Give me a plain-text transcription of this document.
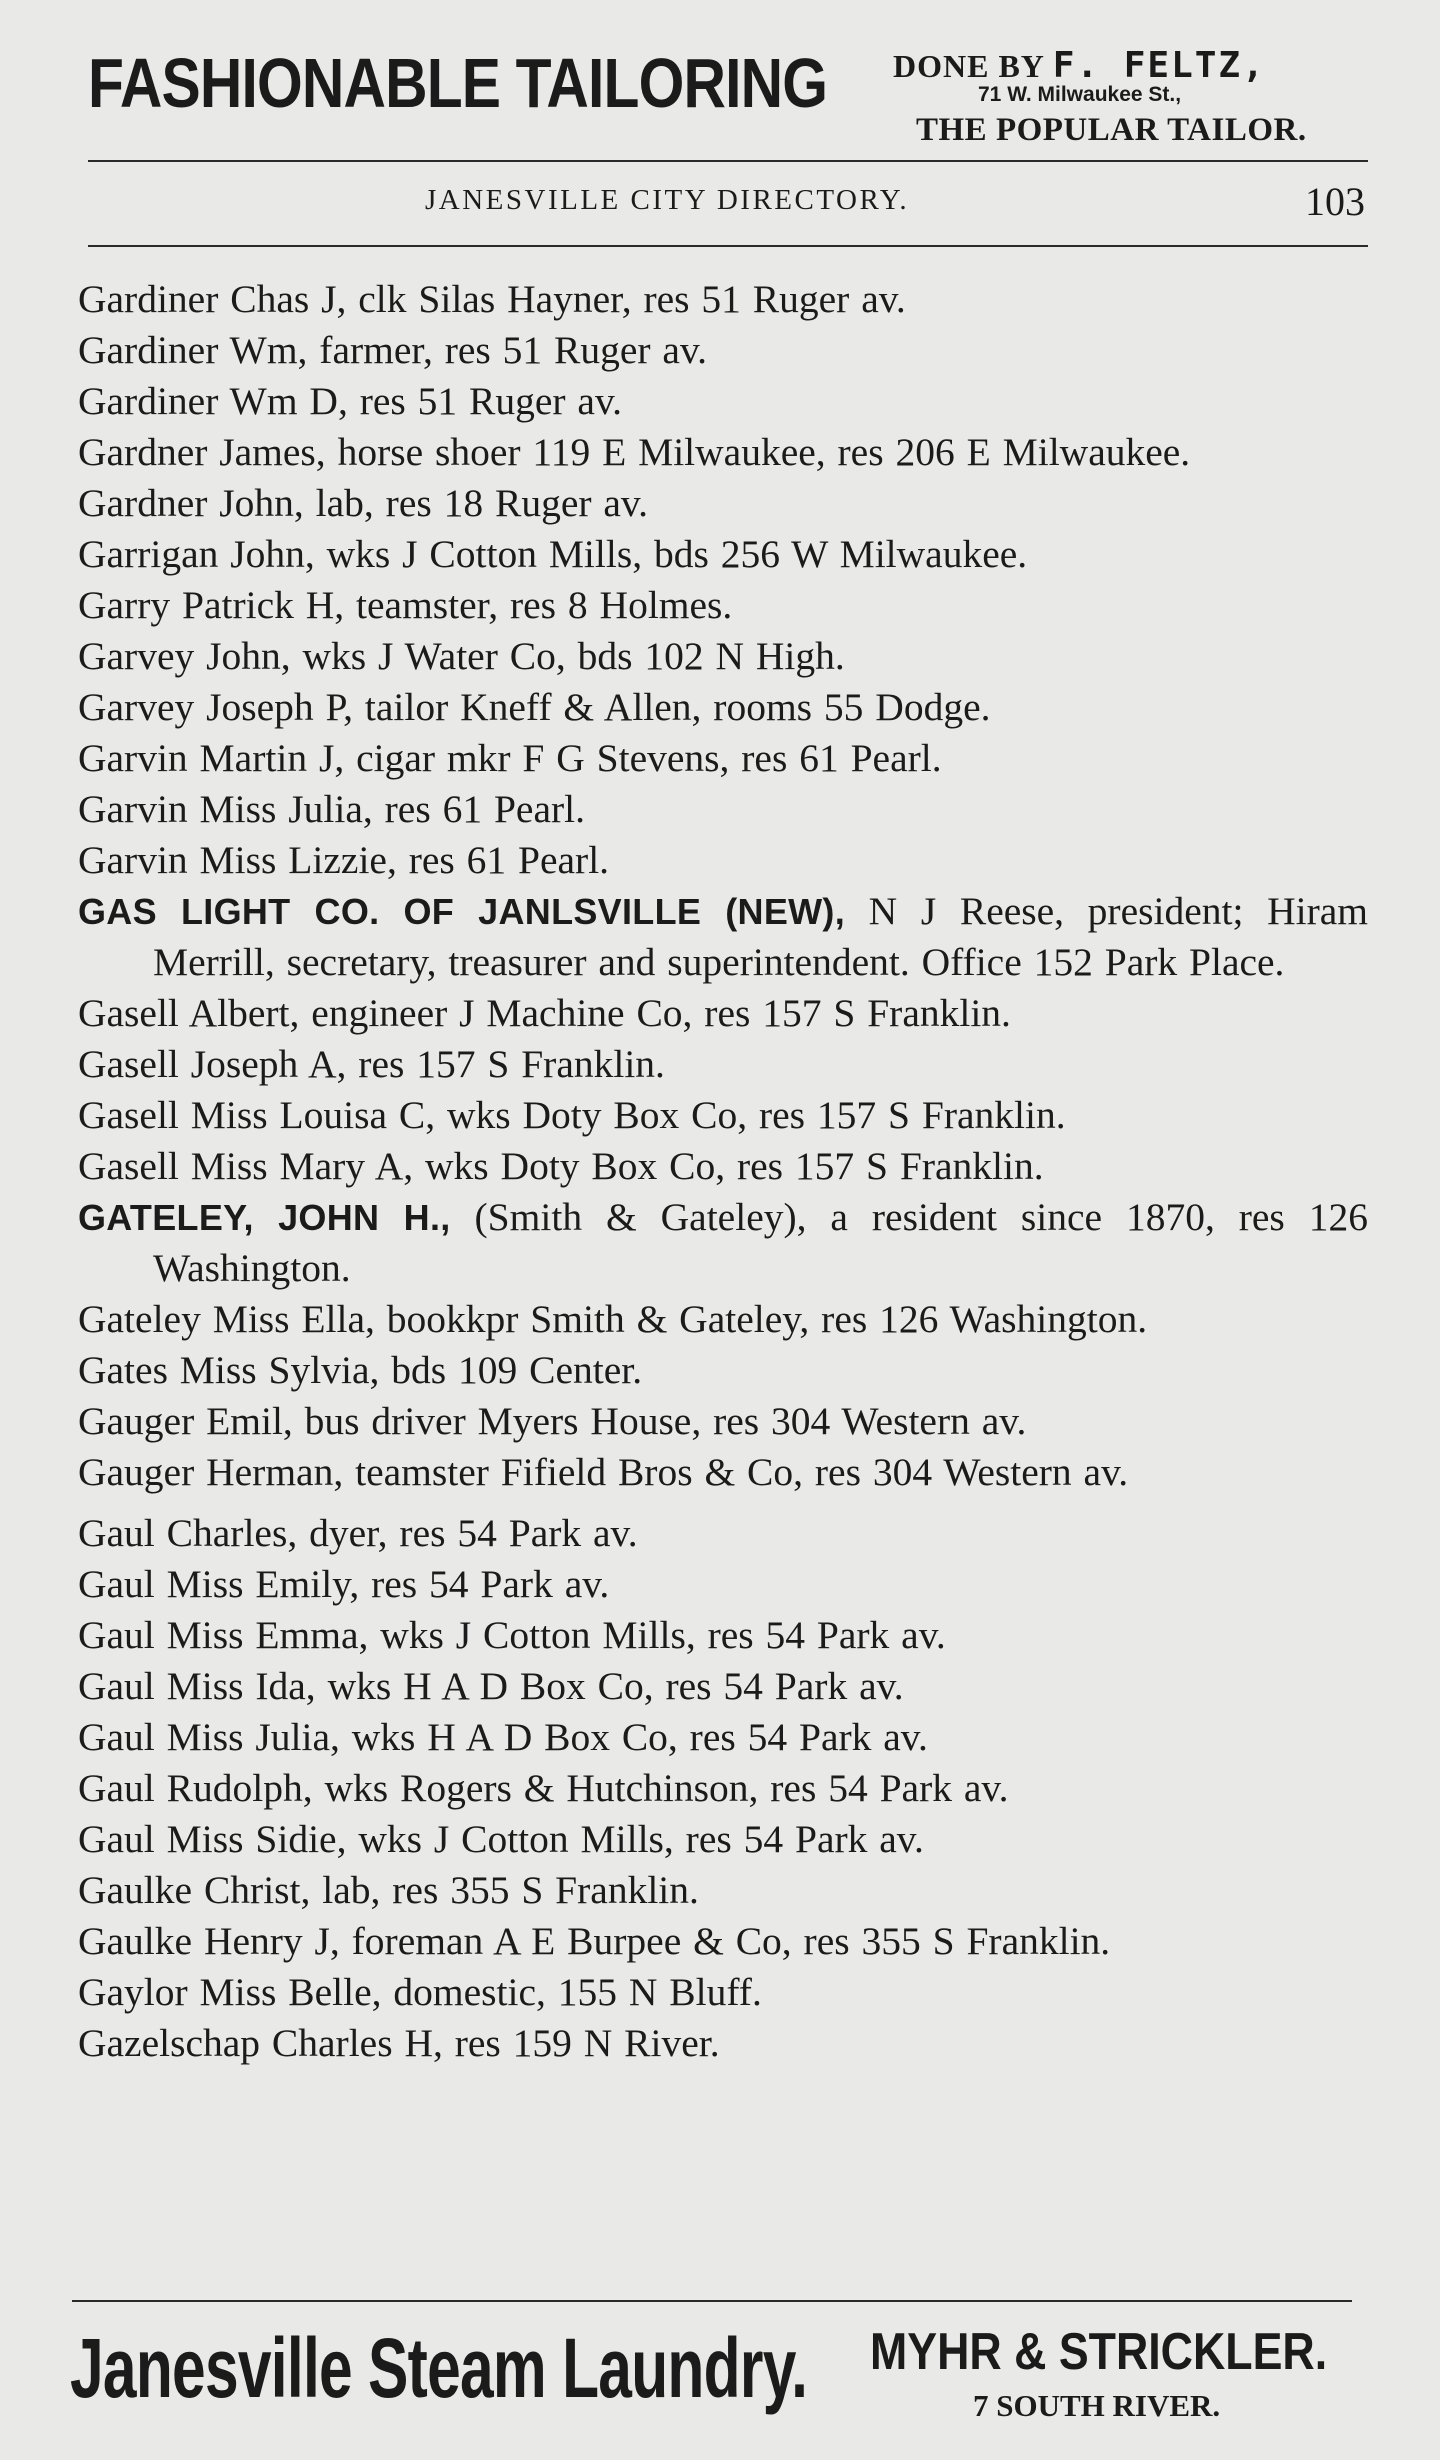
FASHIONABLE TAILORING DONE BY F. FELTZ,
71 W. Milwaukee St.,
THE POPULAR TAILOR.
JANESVILLE CITY DIRECTORY.	103
Gardiner Chas J, clk Silas Hayner, res 51 Ruger av.
Gardiner Wm, farmer, res 51 Ruger av.
Gardiner Wm D, res 51 Ruger av.
Gardner James, horse shoer 119 E Milwaukee, res 206 E Milwaukee.
Gardner John, lab, res 18 Ruger av.
Garrigan John, wks J Cotton Mills, bds 256 W Milwaukee.
Garry Patrick H, teamster, res 8 Holmes.
Garvey John, wks J Water Co, bds 102 N High.
Garvey Joseph P, tailor Kneff & Allen, rooms 55 Dodge.
Garvin Martin J, cigar mkr F G Stevens, res 61 Pearl.
Garvin Miss Julia, res 61 Pearl.
Garvin Miss Lizzie, res 61 Pearl.
GAS LIGHT CO. OF JANLSVILLE (NEW), N J Reese, president; Hiram Merrill, secretary, treasurer and superintendent. Office 152 Park Place.
Gasell Albert, engineer J Machine Co, res 157 S Franklin.
Gasell Joseph A, res 157 S Franklin.
Gasell Miss Louisa C, wks Doty Box Co, res 157 S Franklin.
Gasell Miss Mary A, wks Doty Box Co, res 157 S Franklin.
GATELEY, JOHN H., (Smith & Gateley), a resident since 1870, res 126 Washington.
Gateley Miss Ella, bookkpr Smith & Gateley, res 126 Washington.
Gates Miss Sylvia, bds 109 Center.
Gauger Emil, bus driver Myers House, res 304 Western av.
Gauger Herman, teamster Fifield Bros & Co, res 304 Western av.
Gaul Charles, dyer, res 54 Park av.
Gaul Miss Emily, res 54 Park av.
Gaul Miss Emma, wks J Cotton Mills, res 54 Park av.
Gaul Miss Ida, wks H A D Box Co, res 54 Park av.
Gaul Miss Julia, wks H A D Box Co, res 54 Park av.
Gaul Rudolph, wks Rogers & Hutchinson, res 54 Park av.
Gaul Miss Sidie, wks J Cotton Mills, res 54 Park av.
Gaulke Christ, lab, res 355 S Franklin.
Gaulke Henry J, foreman A E Burpee & Co, res 355 S Franklin.
Gaylor Miss Belle, domestic, 155 N Bluff.
Gazelschap Charles H, res 159 N River.
Janesville Steam Laundry. MYHR & STRICKLER.
7 SOUTH RIVER.
